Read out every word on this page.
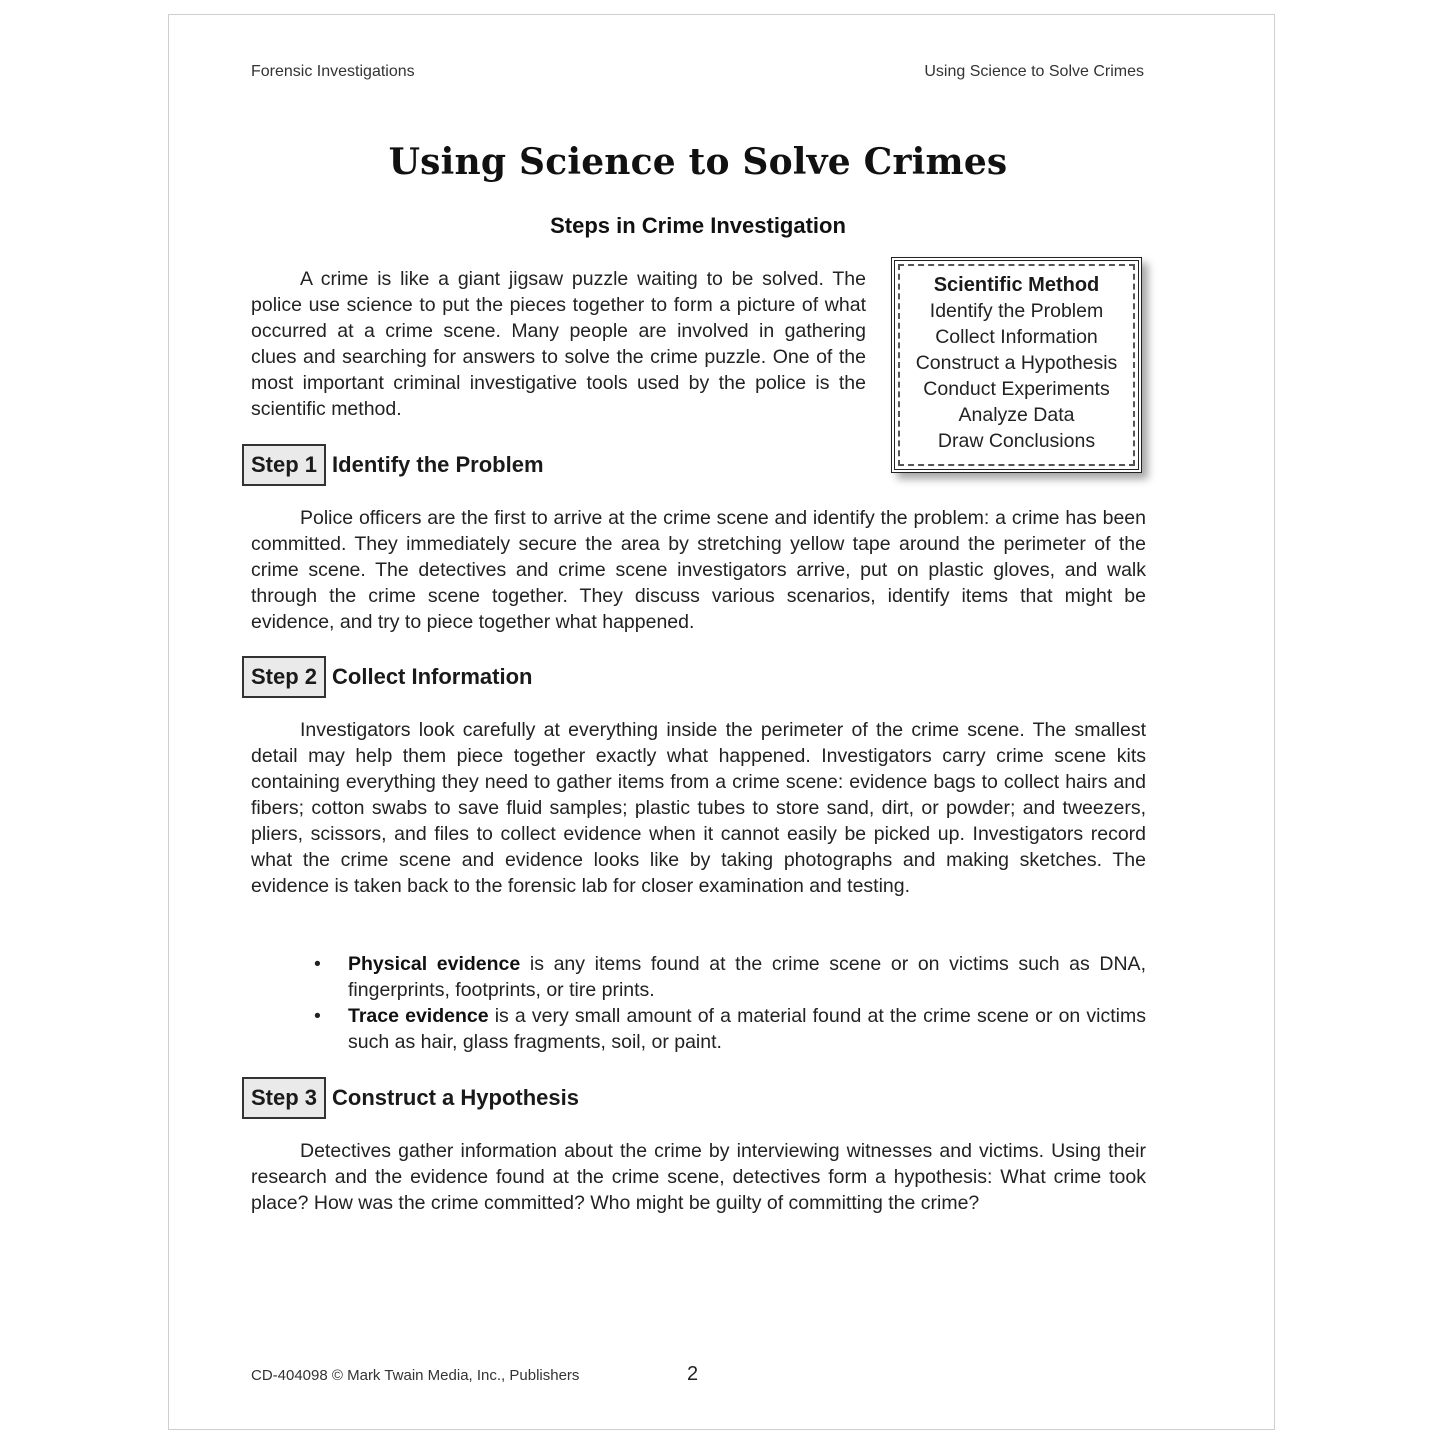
Forensic Investigations	Using Science to Solve Crimes
Using Science to Solve Crimes
Steps in Crime Investigation

A crime is like a giant jigsaw puzzle waiting to be solved. The police use science to put the pieces together to form a picture of what occurred at a crime scene. Many people are involved in gathering clues and searching for answers to solve the crime puzzle. One of the most important criminal investigative tools used by the police is the scientific method.

Scientific Method
Identify the Problem
Collect Information
Construct a Hypothesis
Conduct Experiments
Analyze Data
Draw Conclusions
Step 1 Identify the Problem

Police officers are the first to arrive at the crime scene and identify the problem: a crime has been committed. They immediately secure the area by stretching yellow tape around the perimeter of the crime scene. The detectives and crime scene investigators arrive, put on plastic gloves, and walk through the crime scene together. They discuss various scenarios, identify items that might be evidence, and try to piece together what happened.

Step 2 Collect Information

Investigators look carefully at everything inside the perimeter of the crime scene. The smallest detail may help them piece together exactly what happened. Investigators carry crime scene kits containing everything they need to gather items from a crime scene: evidence bags to collect hairs and fibers; cotton swabs to save fluid samples; plastic tubes to store sand, dirt, or powder; and tweezers, pliers, scissors, and files to collect evidence when it cannot easily be picked up. Investigators record what the crime scene and evidence looks like by taking photographs and making sketches. The evidence is taken back to the forensic lab for closer examination and testing.

• Physical evidence is any items found at the crime scene or on victims such as DNA, fingerprints, footprints, or tire prints.
• Trace evidence is a very small amount of a material found at the crime scene or on victims such as hair, glass fragments, soil, or paint.
Step 3 Construct a Hypothesis

Detectives gather information about the crime by interviewing witnesses and victims. Using their research and the evidence found at the crime scene, detectives form a hypothesis: What crime took place? How was the crime committed? Who might be guilty of committing the crime?

CD-404098 © Mark Twain Media, Inc., Publishers	2
